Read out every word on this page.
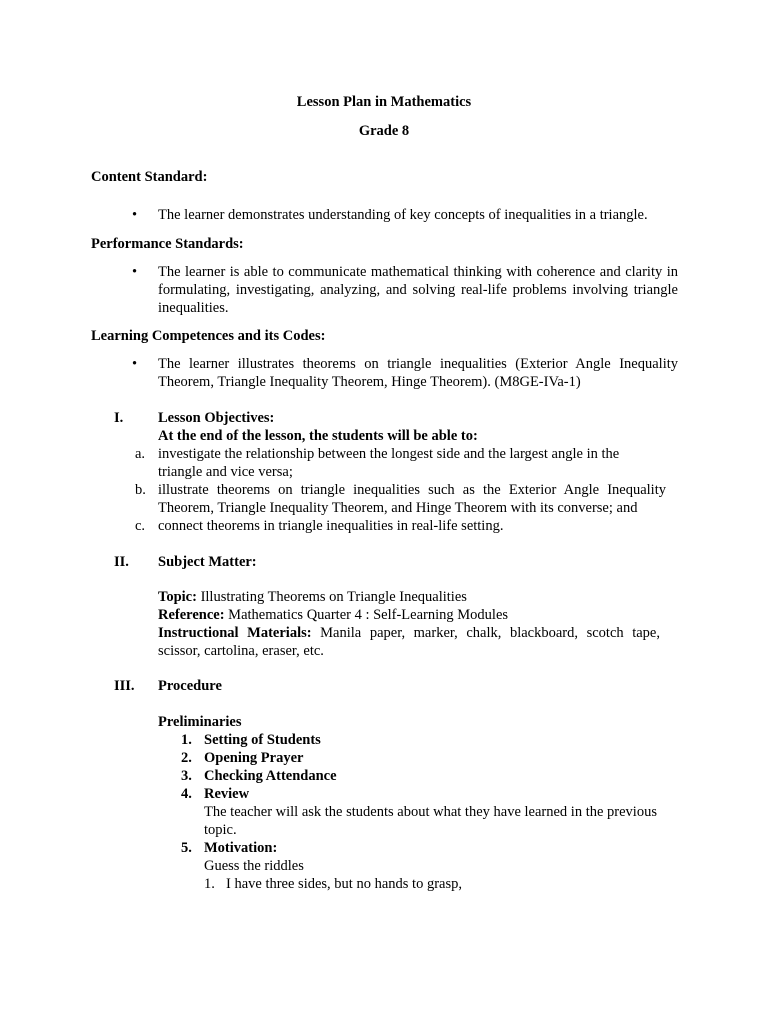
Lesson Plan in Mathematics
Grade 8
Content Standard:
• The learner demonstrates understanding of key concepts of inequalities in a triangle.
Performance Standards:
• The learner is able to communicate mathematical thinking with coherence and clarity in formulating, investigating, analyzing, and solving real-life problems involving triangle inequalities.
Learning Competences and its Codes:
• The learner illustrates theorems on triangle inequalities (Exterior Angle Inequality Theorem, Triangle Inequality Theorem, Hinge Theorem). (M8GE-IVa-1)
I. Lesson Objectives:
At the end of the lesson, the students will be able to:
a. investigate the relationship between the longest side and the largest angle in the triangle and vice versa;
b. illustrate theorems on triangle inequalities such as the Exterior Angle Inequality Theorem, Triangle Inequality Theorem, and Hinge Theorem with its converse; and
c. connect theorems in triangle inequalities in real-life setting.
II. Subject Matter:
Topic: Illustrating Theorems on Triangle Inequalities
Reference: Mathematics Quarter 4 : Self-Learning Modules
Instructional Materials: Manila paper, marker, chalk, blackboard, scotch tape, scissor, cartolina, eraser, etc.
III. Procedure
Preliminaries
1. Setting of Students
2. Opening Prayer
3. Checking Attendance
4. Review
The teacher will ask the students about what they have learned in the previous topic.
5. Motivation:
Guess the riddles
1. I have three sides, but no hands to grasp,
